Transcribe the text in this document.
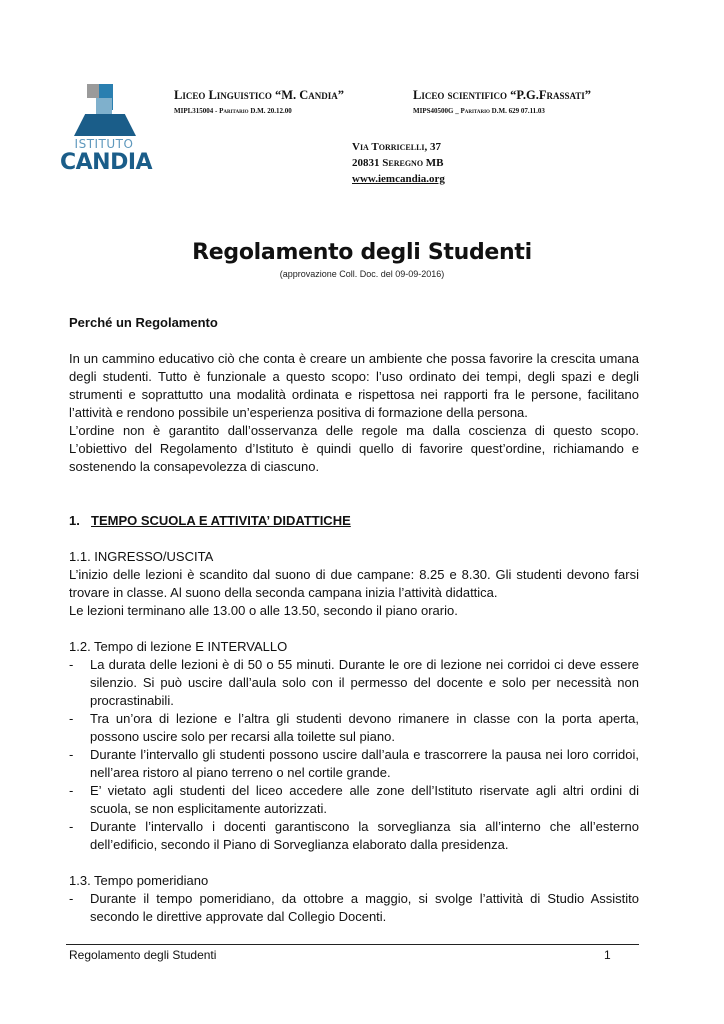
ISTITUTO
CANDIA
Liceo Linguistico “M. Candia”
MIPL315004 - Paritario D.M. 20.12.00
Liceo scientifico “P.G.Frassati”
MIPS40500G _ Paritario D.M. 629 07.11.03
Via Torricelli, 37
20831 Seregno MB
www.iemcandia.org
Regolamento degli Studenti
(approvazione Coll. Doc. del 09-09-2016)

Perché un Regolamento

In un cammino educativo ciò che conta è creare un ambiente che possa favorire la crescita umana degli studenti. Tutto è funzionale a questo scopo: l’uso ordinato dei tempi, degli spazi e degli strumenti e soprattutto una modalità ordinata e rispettosa nei rapporti fra le persone, facilitano l’attività e rendono possibile un’esperienza positiva di formazione della persona.

L’ordine non è garantito dall’osservanza delle regole ma dalla coscienza di questo scopo. L’obiettivo del Regolamento d’Istituto è quindi quello di favorire quest’ordine, richiamando e sostenendo la consapevolezza di ciascuno.

1. TEMPO SCUOLA E ATTIVITA’ DIDATTICHE

1.1. INGRESSO/USCITA

L’inizio delle lezioni è scandito dal suono di due campane: 8.25 e 8.30. Gli studenti devono farsi trovare in classe. Al suono della seconda campana inizia l’attività didattica.

Le lezioni terminano alle 13.00 o alle 13.50, secondo il piano orario.

1.2. Tempo di lezione E INTERVALLO

- La durata delle lezioni è di 50 o 55 minuti. Durante le ore di lezione nei corridoi ci deve essere silenzio. Si può uscire dall’aula solo con il permesso del docente e solo per necessità non procrastinabili.
- Tra un’ora di lezione e l’altra gli studenti devono rimanere in classe con la porta aperta, possono uscire solo per recarsi alla toilette sul piano.
- Durante l’intervallo gli studenti possono uscire dall’aula e trascorrere la pausa nei loro corridoi, nell’area ristoro al piano terreno o nel cortile grande.
- E’ vietato agli studenti del liceo accedere alle zone dell’Istituto riservate agli altri ordini di scuola, se non esplicitamente autorizzati.
- Durante l’intervallo i docenti garantiscono la sorveglianza sia all’interno che all’esterno dell’edificio, secondo il Piano di Sorveglianza elaborato dalla presidenza.

1.3. Tempo pomeridiano

- Durante il tempo pomeridiano, da ottobre a maggio, si svolge l’attività di Studio Assistito secondo le direttive approvate dal Collegio Docenti.
Regolamento degli Studenti	1
